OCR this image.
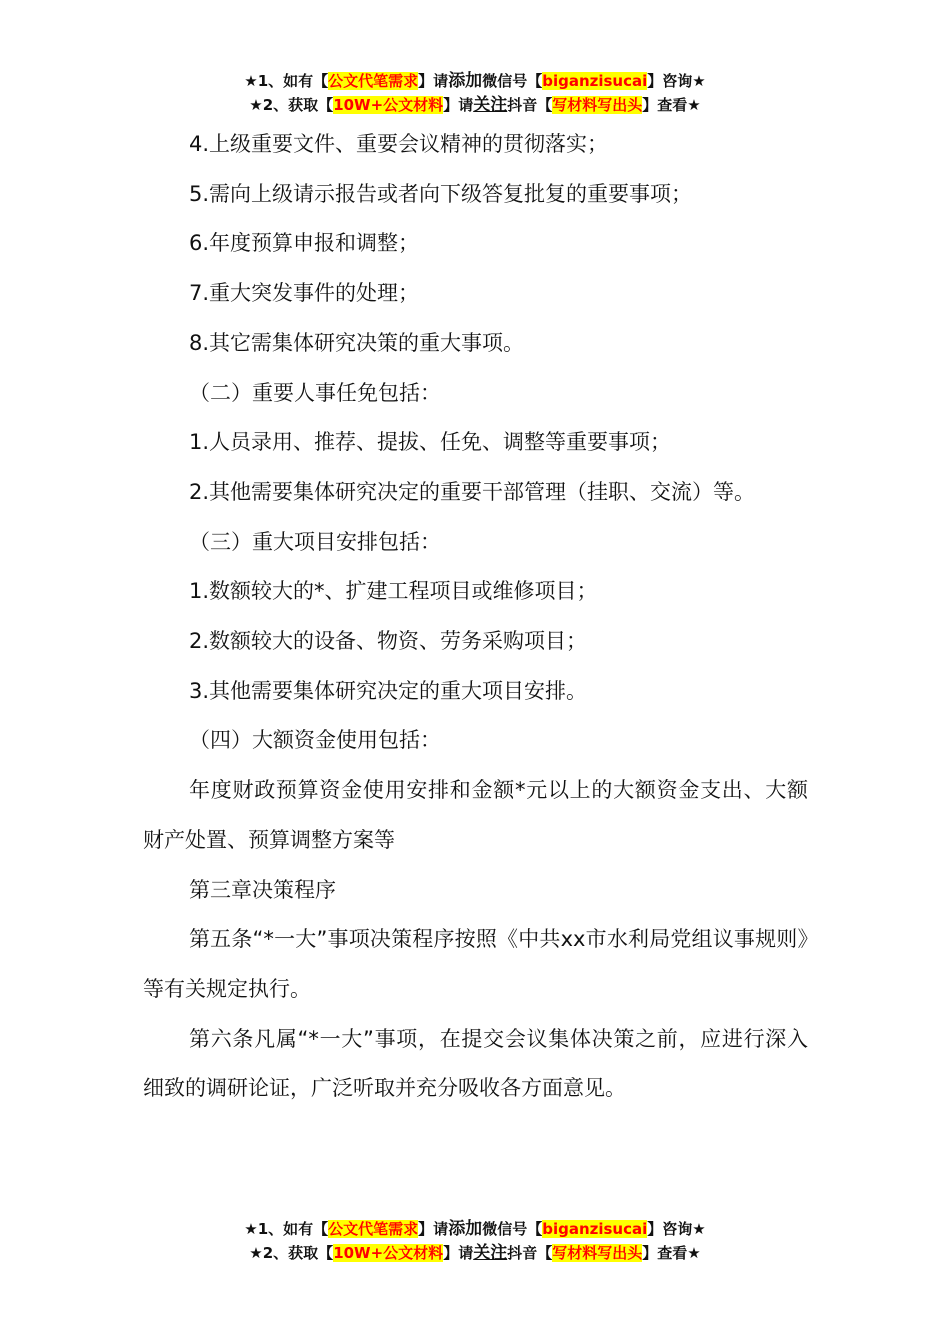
★1、如有【公文代笔需求】请添加微信号【biganzisucai】咨询★
★2、获取【10W+公文材料】请关注抖音【写材料写出头】查看★

4.上级重要文件、重要会议精神的贯彻落实；

5.需向上级请示报告或者向下级答复批复的重要事项；

6.年度预算申报和调整；

7.重大突发事件的处理；

8.其它需集体研究决策的重大事项。

（二）重要人事任免包括：

1.人员录用、推荐、提拔、任免、调整等重要事项；

2.其他需要集体研究决定的重要干部管理（挂职、交流）等。

（三）重大项目安排包括：

1.数额较大的*、扩建工程项目或维修项目；

2.数额较大的设备、物资、劳务采购项目；

3.其他需要集体研究决定的重大项目安排。

（四）大额资金使用包括：

年度财政预算资金使用安排和金额*元以上的大额资金支出、大额财产处置、预算调整方案等

第三章决策程序

第五条“*一大”事项决策程序按照《中共xx市水利局党组议事规则》等有关规定执行。

第六条凡属“*一大”事项，在提交会议集体决策之前，应进行深入细致的调研论证，广泛听取并充分吸收各方面意见。

★1、如有【公文代笔需求】请添加微信号【biganzisucai】咨询★
★2、获取【10W+公文材料】请关注抖音【写材料写出头】查看★
